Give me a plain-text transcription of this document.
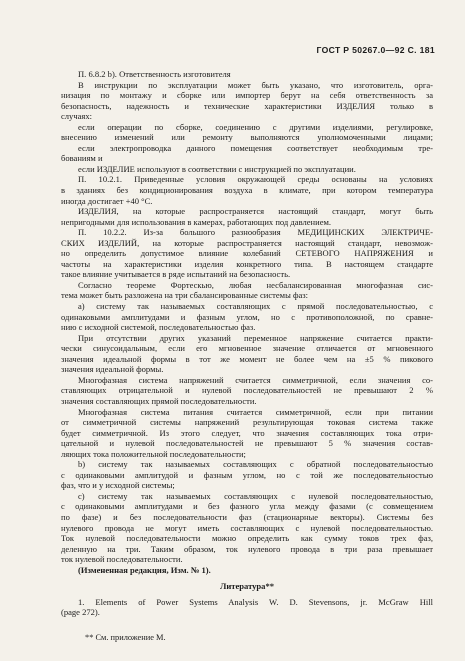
ГОСТ Р 50267.0—92 С. 181
П. 6.8.2 b). Ответственность изготовителя
В инструкции по эксплуатации может быть указано, что изготовитель, орга-
низация по монтажу и сборке или импортер берут на себя ответственность за
безопасность, надежность и технические характеристики ИЗДЕЛИЯ только в
случаях:
если операции по сборке, соединению с другими изделиями, регулировке,
внесению изменений или ремонту выполняются уполномоченными лицами;
если электропроводка данного помещения соответствует необходимым тре-
бованиям и
если ИЗДЕЛИЕ используют в соответствии с инструкцией по эксплуатации.
П. 10.2.1. Приведенные условия окружающей среды основаны на условиях
в зданиях без кондиционирования воздуха в климате, при котором температура
иногда достигает +40 °С.
ИЗДЕЛИЯ, на которые распространяется настоящий стандарт, могут быть
непригодными для использования в камерах, работающих под давлением.
П. 10.2.2. Из-за большого разнообразия МЕДИЦИНСКИХ ЭЛЕКТРИЧЕ-
СКИХ ИЗДЕЛИЙ, на которые распространяется настоящий стандарт, невозмож-
но определить допустимое влияние колебаний СЕТЕВОГО НАПРЯЖЕНИЯ и
частоты на характеристики изделия конкретного типа. В настоящем стандарте
такое влияние учитывается в ряде испытаний на безопасность.
Согласно теореме Фортескью, любая несбалансированная многофазная сис-
тема может быть разложена на три сбалансированные системы фаз:
а) систему так называемых составляющих с прямой последовательностью, с
одинаковыми амплитудами и фазным углом, но с противоположной, по сравне-
нию с исходной системой, последовательностью фаз.
При отсутствии других указаний переменное напряжение считается практи-
чески синусоидальным, если его мгновенное значение отличается от мгновенного
значения идеальной формы в тот же момент не более чем на ±5 % пикового
значения идеальной формы.
Многофазная система напряжений считается симметричной, если значения со-
ставляющих отрицательной и нулевой последовательностей не превышают 2 %
значения составляющих прямой последовательности.
Многофазная система питания считается симметричной, если при питании
от симметричной системы напряжений результирующая токовая система также
будет симметричной. Из этого следует, что значения составляющих тока отри-
цательной и нулевой последовательностей не превышают 5 % значения состав-
ляющих тока положительной последовательности;
b) систему так называемых составляющих с обратной последовательностью
с одинаковыми амплитудой и фазным углом, но с той же последовательностью
фаз, что и у исходной системы;
с) систему так называемых составляющих с нулевой последовательностью,
с одинаковыми амплитудами и без фазного угла между фазами (с совмещением
по фазе) и без последовательности фаз (стационарные векторы). Системы без
нулевого провода не могут иметь составляющих с нулевой последовательностью.
Ток нулевой последовательности можно определить как сумму токов трех фаз,
деленную на три. Таким образом, ток нулевого провода в три раза превышает
ток нулевой последовательности.
(Измененная редакция, Изм. № 1).
Литература**
1. Elements of Power Systems Analysis W. D. Stevensons, jr. McGraw Hill
(page 272).
** См. приложение М.
